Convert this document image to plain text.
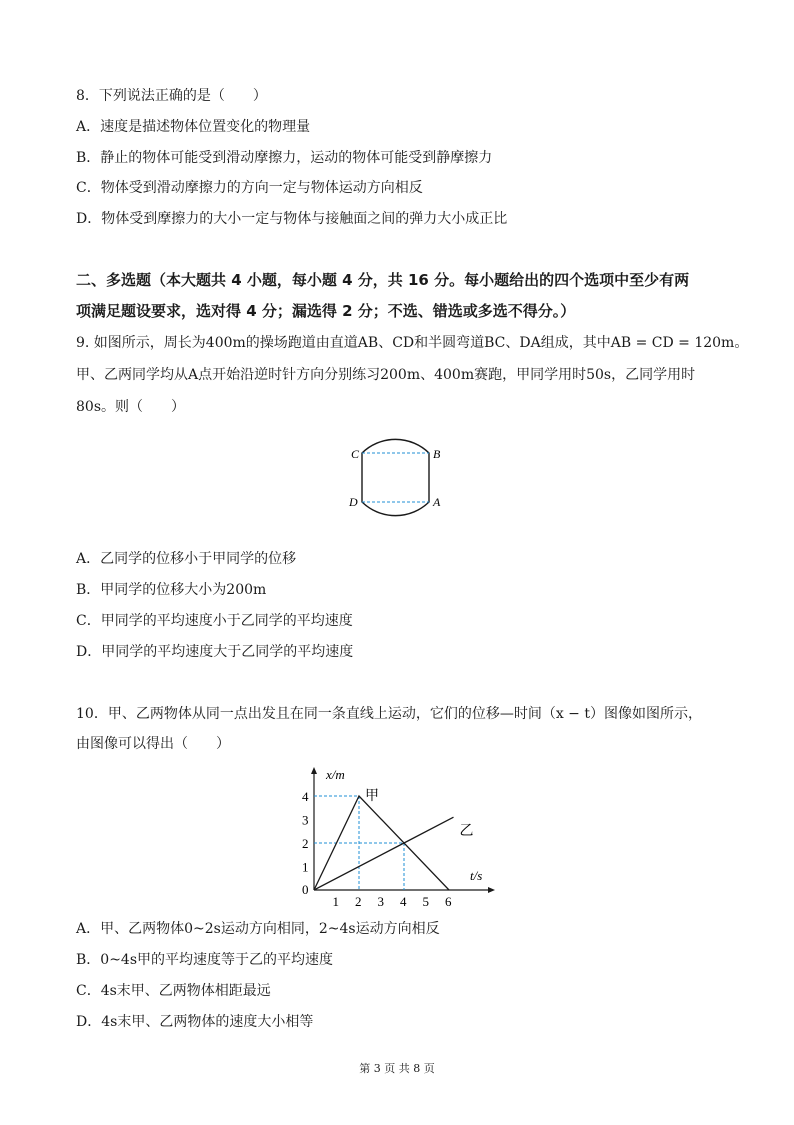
8．下列说法正确的是（　　）
A．速度是描述物体位置变化的物理量
B．静止的物体可能受到滑动摩擦力，运动的物体可能受到静摩擦力
C．物体受到滑动摩擦力的方向一定与物体运动方向相反
D．物体受到摩擦力的大小一定与物体与接触面之间的弹力大小成正比
二、多选题（本大题共 4 小题，每小题 4 分，共 16 分。每小题给出的四个选项中至少有两
项满足题设要求，选对得 4 分；漏选得 2 分；不选、错选或多选不得分。）
9. 如图所示，周长为400m的操场跑道由直道AB、CD和半圆弯道BC、DA组成，其中AB = CD = 120m。
甲、乙两同学均从A点开始沿逆时针方向分别练习200m、400m赛跑，甲同学用时50s，乙同学用时
80s。则（　　）
C	B
D	A
A．乙同学的位移小于甲同学的位移
B．甲同学的位移大小为200m
C．甲同学的平均速度小于乙同学的平均速度
D．甲同学的平均速度大于乙同学的平均速度
10．甲、乙两物体从同一点出发且在同一条直线上运动，它们的位移—时间（x − t）图像如图所示，
由图像可以得出（　　）
x/m
t/s
0
1 2 3 4 5 6
1
2
3
4	甲
乙
A．甲、乙两物体0~2s运动方向相同，2~4s运动方向相反
B．0~4s甲的平均速度等于乙的平均速度
C．4s末甲、乙两物体相距最远
D．4s末甲、乙两物体的速度大小相等
第 3 页 共 8 页
